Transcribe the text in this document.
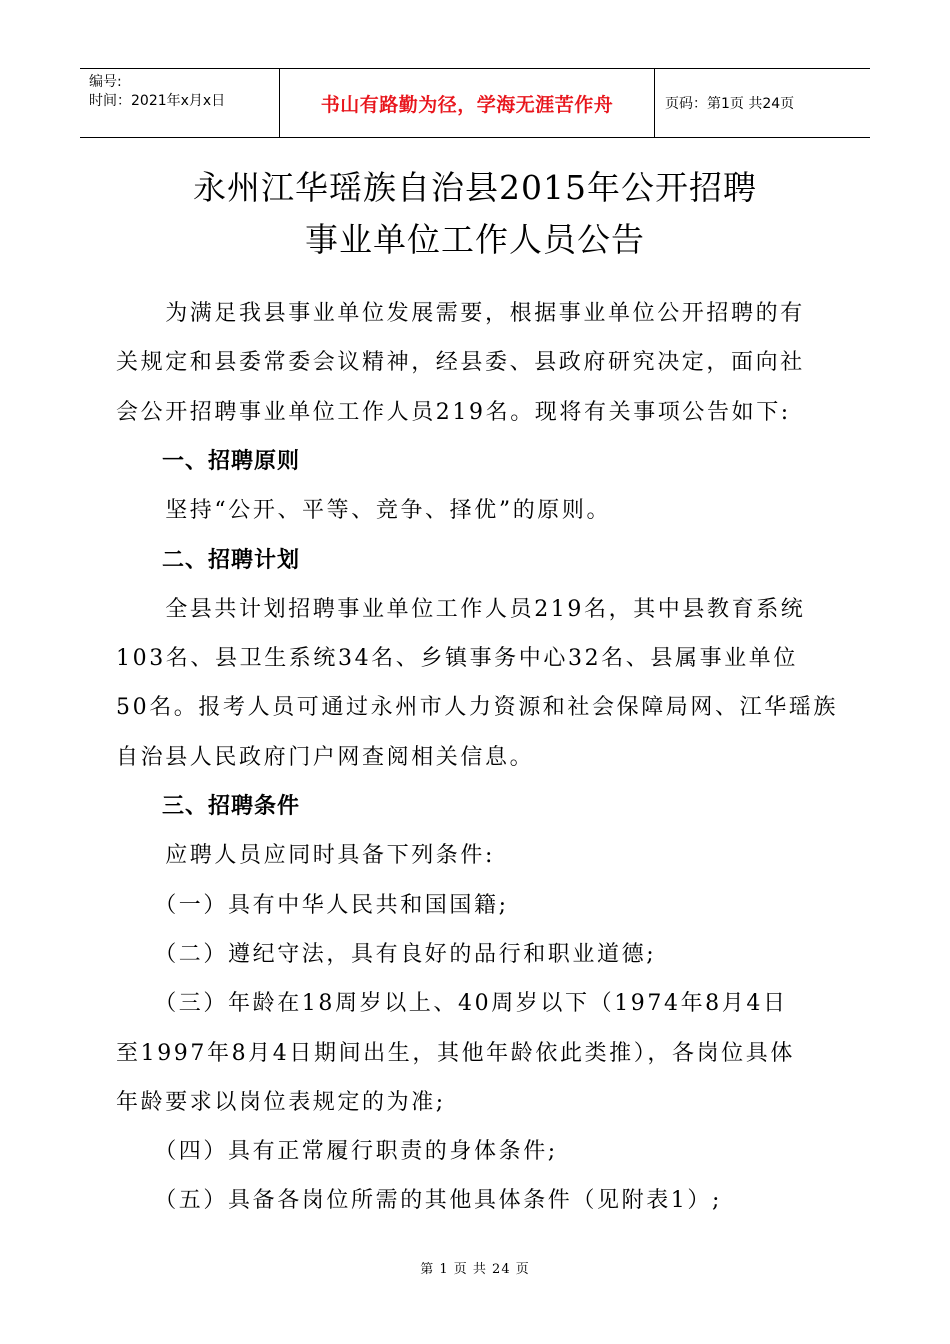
编号:
时间：2021年x月x日	书山有路勤为径，学海无涯苦作舟	页码：第1页 共24页
永州江华瑶族自治县2015年公开招聘
事业单位工作人员公告
　　为满足我县事业单位发展需要，根据事业单位公开招聘的有
关规定和县委常委会议精神，经县委、县政府研究决定，面向社
会公开招聘事业单位工作人员219名。现将有关事项公告如下:
　　一、招聘原则
　　坚持“公开、平等、竞争、择优”的原则。
　　二、招聘计划
　　全县共计划招聘事业单位工作人员219名，其中县教育系统
103名、县卫生系统34名、乡镇事务中心32名、县属事业单位
50名。报考人员可通过永州市人力资源和社会保障局网、江华瑶族
自治县人民政府门户网查阅相关信息。
　　三、招聘条件
　　应聘人员应同时具备下列条件:
　　（一）具有中华人民共和国国籍;
　　（二）遵纪守法，具有良好的品行和职业道德;
　　（三）年龄在18周岁以上、40周岁以下（1974年8月4日
至1997年8月4日期间出生，其他年龄依此类推），各岗位具体
年龄要求以岗位表规定的为准;
　　（四）具有正常履行职责的身体条件;
　　（五）具备各岗位所需的其他具体条件（见附表1）;
第 1 页 共 24 页
